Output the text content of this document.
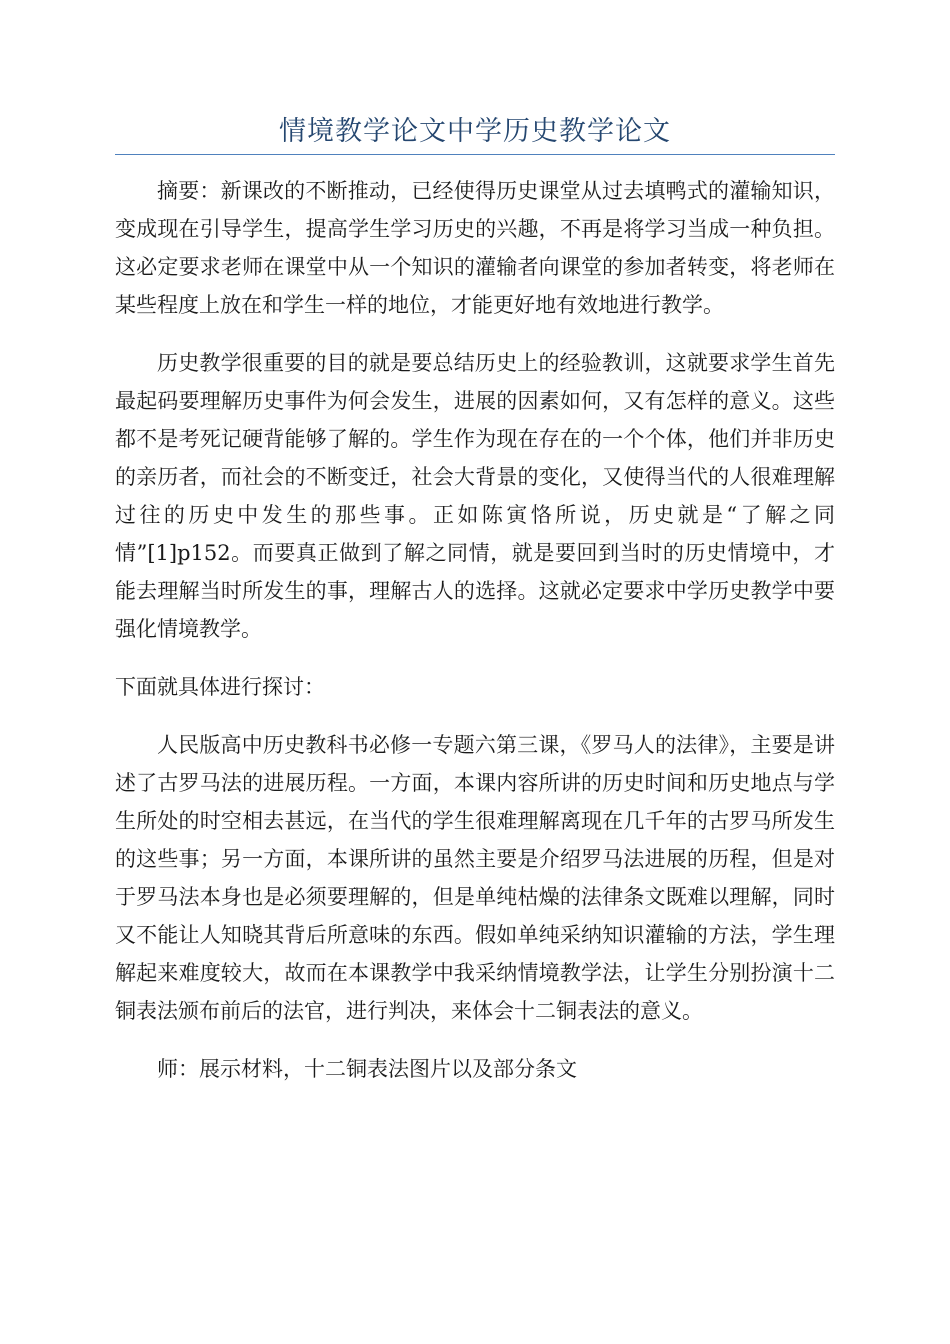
情境教学论文中学历史教学论文

摘要：新课改的不断推动，已经使得历史课堂从过去填鸭式的灌输知识，变成现在引导学生，提高学生学习历史的兴趣，不再是将学习当成一种负担。这必定要求老师在课堂中从一个知识的灌输者向课堂的参加者转变，将老师在某些程度上放在和学生一样的地位，才能更好地有效地进行教学。

历史教学很重要的目的就是要总结历史上的经验教训，这就要求学生首先最起码要理解历史事件为何会发生，进展的因素如何，又有怎样的意义。这些都不是考死记硬背能够了解的。学生作为现在存在的一个个体，他们并非历史的亲历者，而社会的不断变迁，社会大背景的变化，又使得当代的人很难理解过往的历史中发生的那些事。正如陈寅恪所说，历史就是“了解之同情”[1]p152。而要真正做到了解之同情，就是要回到当时的历史情境中，才能去理解当时所发生的事，理解古人的选择。这就必定要求中学历史教学中要强化情境教学。

下面就具体进行探讨：

人民版高中历史教科书必修一专题六第三课，《罗马人的法律》，主要是讲述了古罗马法的进展历程。一方面，本课内容所讲的历史时间和历史地点与学生所处的时空相去甚远，在当代的学生很难理解离现在几千年的古罗马所发生的这些事；另一方面，本课所讲的虽然主要是介绍罗马法进展的历程，但是对于罗马法本身也是必须要理解的，但是单纯枯燥的法律条文既难以理解，同时又不能让人知晓其背后所意味的东西。假如单纯采纳知识灌输的方法，学生理解起来难度较大，故而在本课教学中我采纳情境教学法，让学生分别扮演十二铜表法颁布前后的法官，进行判决，来体会十二铜表法的意义。

师：展示材料，十二铜表法图片以及部分条文
